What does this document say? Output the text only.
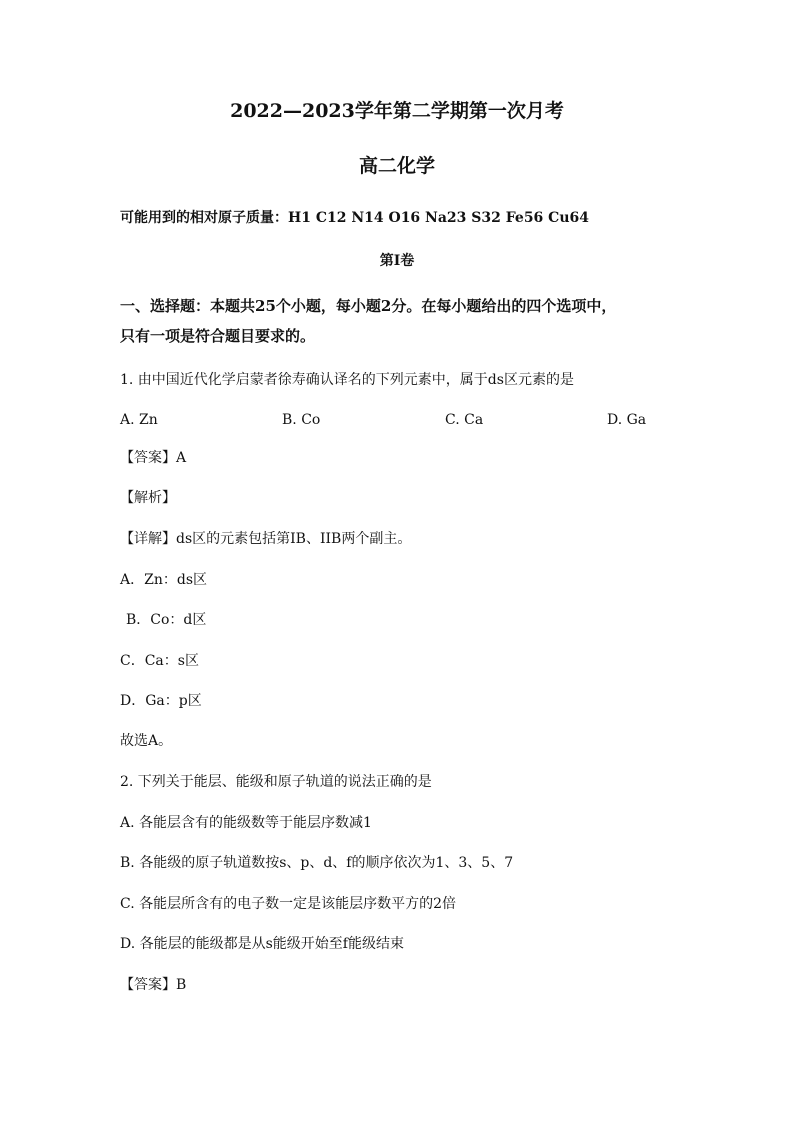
2022—2023学年第二学期第一次月考
高二化学
可能用到的相对原子质量：H1 C12 N14 O16 Na23 S32 Fe56 Cu64
第I卷
一、选择题：本题共25个小题，每小题2分。在每小题给出的四个选项中，
只有一项是符合题目要求的。
1. 由中国近代化学启蒙者徐寿确认译名的下列元素中，属于ds区元素的是
A. Zn	B. Co	C. Ca	D. Ga
【答案】A
【解析】
【详解】ds区的元素包括第IB、IIB两个副主。
A．Zn：ds区
B．Co：d区
C．Ca：s区
D．Ga：p区
故选A。
2. 下列关于能层、能级和原子轨道的说法正确的是
A. 各能层含有的能级数等于能层序数减1
B. 各能级的原子轨道数按s、p、d、f的顺序依次为1、3、5、7
C. 各能层所含有的电子数一定是该能层序数平方的2倍
D. 各能层的能级都是从s能级开始至f能级结束
【答案】B
